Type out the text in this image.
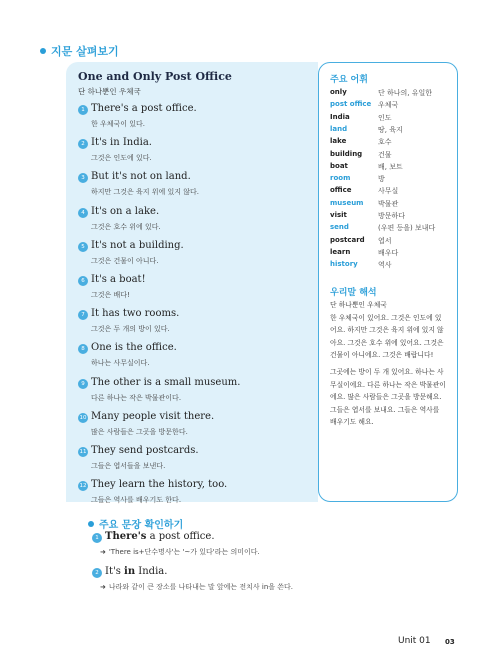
지문 살펴보기
One and Only Post Office
단 하나뿐인 우체국
1 There's a post office.
한 우체국이 있다.
2 It's in India.
그것은 인도에 있다.
3 But it's not on land.
하지만 그것은 육지 위에 있지 않다.
4 It's on a lake.
그것은 호수 위에 있다.
5 It's not a building.
그것은 건물이 아니다.
6 It's a boat!
그것은 배다!
7 It has two rooms.
그것은 두 개의 방이 있다.
8 One is the office.
하나는 사무실이다.
9 The other is a small museum.
다른 하나는 작은 박물관이다.
10 Many people visit there.
많은 사람들은 그곳을 방문한다.
11 They send postcards.
그들은 엽서들을 보낸다.
12 They learn the history, too.
그들은 역사를 배우기도 한다.
주요 어휘
only	단 하나의, 유일한
post office 우체국
India	인도
land	땅, 육지
lake	호수
building 건물
boat	배, 보트
room	방
office	사무실
museum 박물관
visit	방문하다
send	(우편 등을) 보내다
postcard 엽서
learn	배우다
history	역사
우리말 해석
단 하나뿐인 우체국
한 우체국이 있어요. 그것은 인도에 있
어요. 하지만 그것은 육지 위에 있지 않
아요. 그것은 호수 위에 있어요. 그것은
건물이 아니에요. 그것은 배랍니다!
그곳에는 방이 두 개 있어요. 하나는 사
무실이에요. 다른 하나는 작은 박물관이
에요. 많은 사람들은 그곳을 방문해요.
그들은 엽서를 보내요. 그들은 역사를
배우기도 해요.
주요 문장 확인하기
1 There's a post office.
➜ 'There is+단수명사'는 '~가 있다'라는 의미이다.
2 It's in India.
➜ 나라와 같이 큰 장소를 나타내는 말 앞에는 전치사 in을 쓴다.
Unit 01 03
